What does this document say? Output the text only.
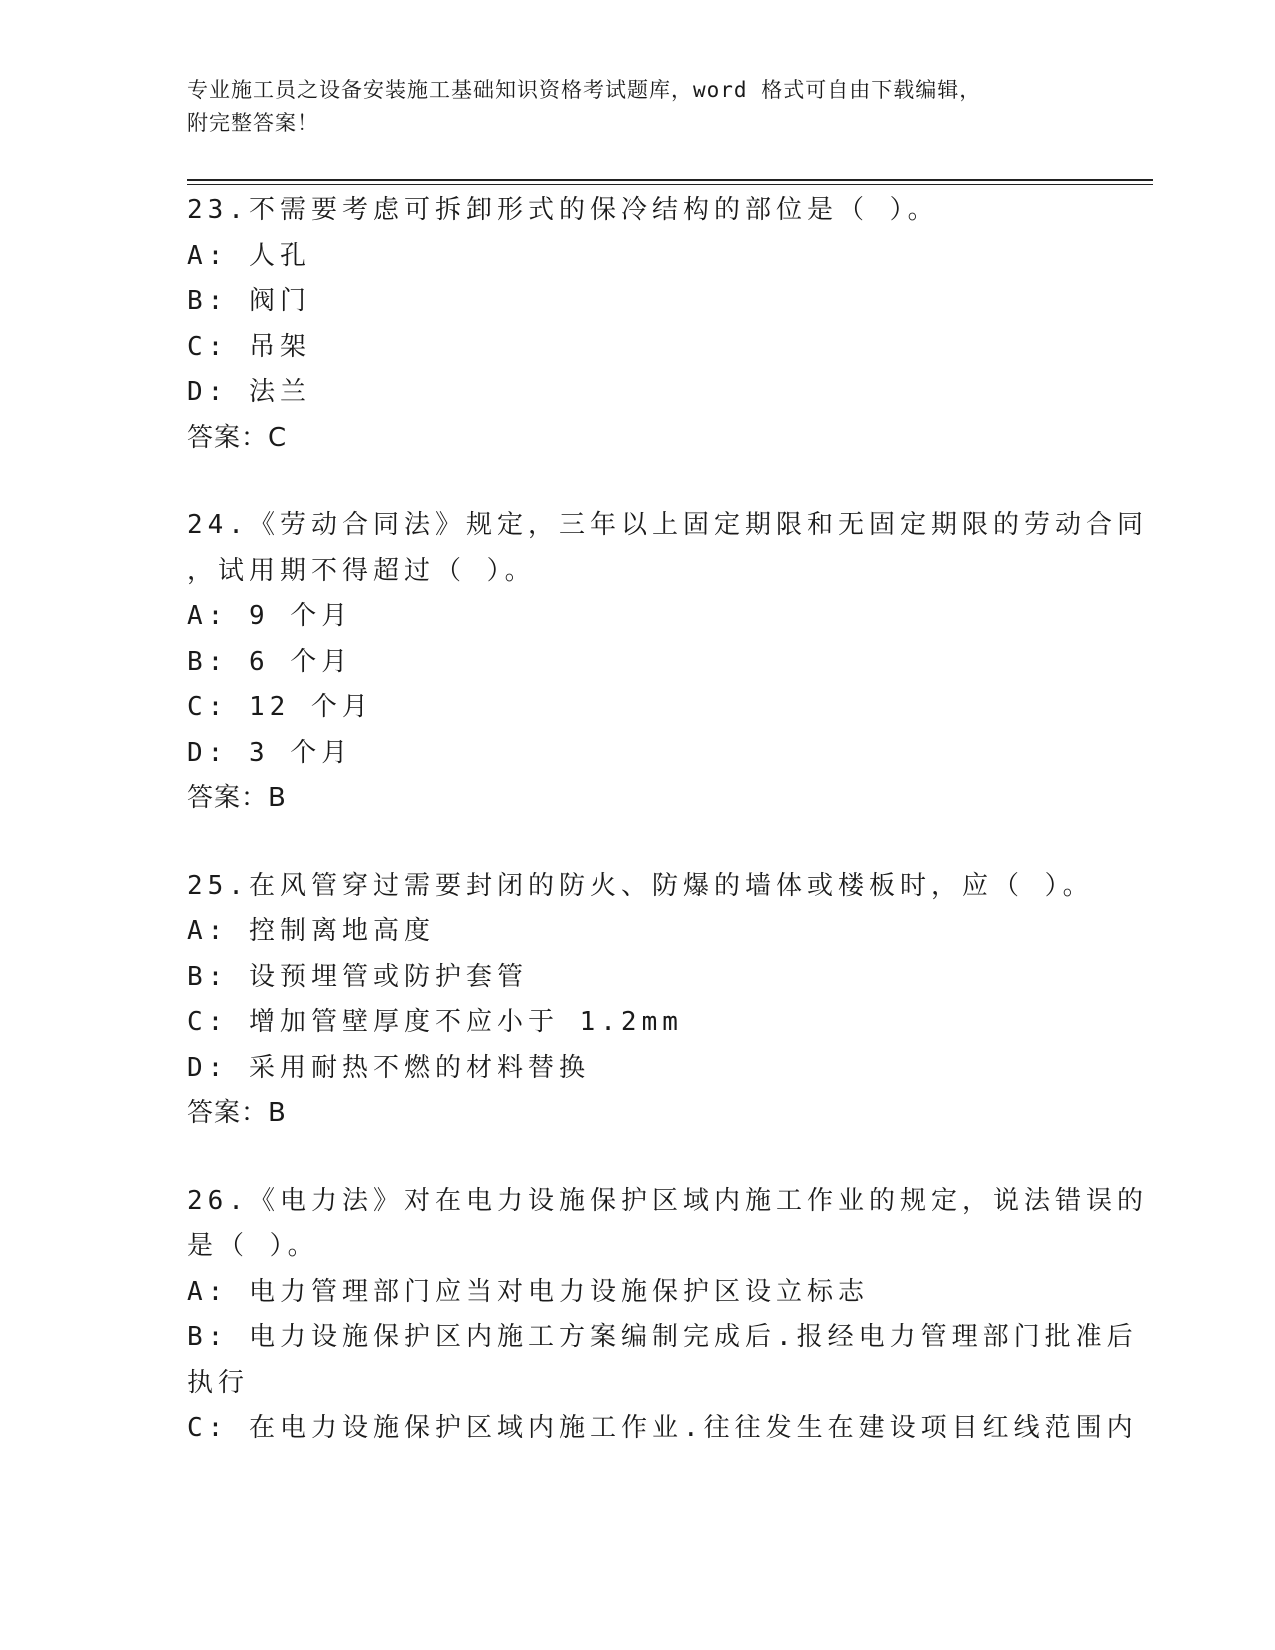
专业施工员之设备安装施工基础知识资格考试题库，word 格式可自由下载编辑，
附完整答案！
23.不需要考虑可拆卸形式的保冷结构的部位是（ ）。
A: 人孔
B: 阀门
C: 吊架
D: 法兰
答案：C
24.《劳动合同法》规定，三年以上固定期限和无固定期限的劳动合同
，试用期不得超过（ ）。
A: 9 个月
B: 6 个月
C: 12 个月
D: 3 个月
答案：B
25.在风管穿过需要封闭的防火、防爆的墙体或楼板时，应（ ）。
A: 控制离地高度
B: 设预埋管或防护套管
C: 增加管壁厚度不应小于 1.2mm
D: 采用耐热不燃的材料替换
答案：B
26.《电力法》对在电力设施保护区域内施工作业的规定，说法错误的
是（ ）。
A: 电力管理部门应当对电力设施保护区设立标志
B: 电力设施保护区内施工方案编制完成后.报经电力管理部门批准后
执行
C: 在电力设施保护区域内施工作业.往往发生在建设项目红线范围内
